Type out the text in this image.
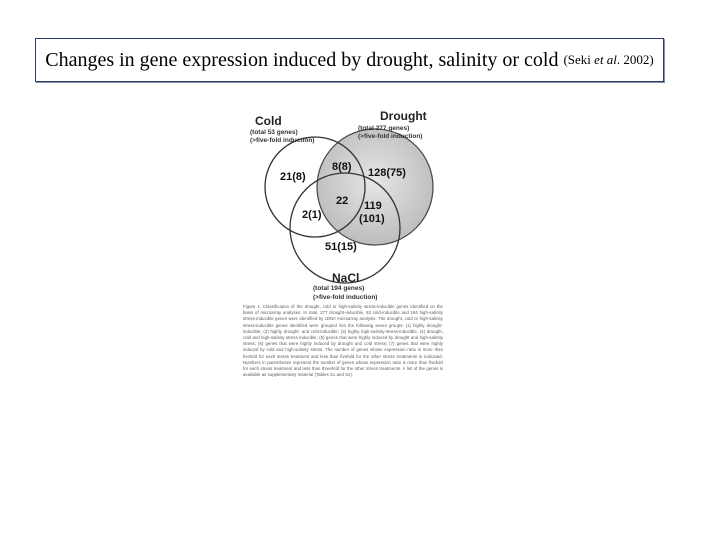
Changes in gene expression induced by drought, salinity or cold (Seki et al. 2002)
Cold
(total 53 genes)
(>five-fold induction)
Drought
(total 277 genes)
(>five-fold induction)
21(8)
8(8) 128(75)
22
2(1)
119
(101)
51(15)
NaCl
(total 194 genes)
(>five-fold induction)
Figure 1. Classification of the drought, cold or high-salinity stress-inducible genes identified on the basis of microarray analyses. In total, 277 drought-inducible, 53 cold-inducible and 194 high-salinity stress-inducible genes were identified by cDNA microarray analysis. The drought, cold or high-salinity stress-inducible genes identified were grouped into the following seven groups: (1) highly drought-inducible; (2) highly drought- and cold-inducible; (3) highly high-salinity-stress-inducible; (4) drought, cold and high-salinity stress-inducible; (5) genes that were highly induced by drought and high-salinity stress; (6) genes that were highly induced by drought and cold stress; (7) genes that were highly induced by cold and high-salinity stress. The number of genes whose expression ratio is more than fivefold for each stress treatment and less than fivefold for the other stress treatments is indicated. Numbers in parentheses represent the number of genes whose expression ratio is more than fivefold for each stress treatment and less than threefold for the other stress treatments. A list of the genes is available as supplementary material (Tables S1 and S2).
